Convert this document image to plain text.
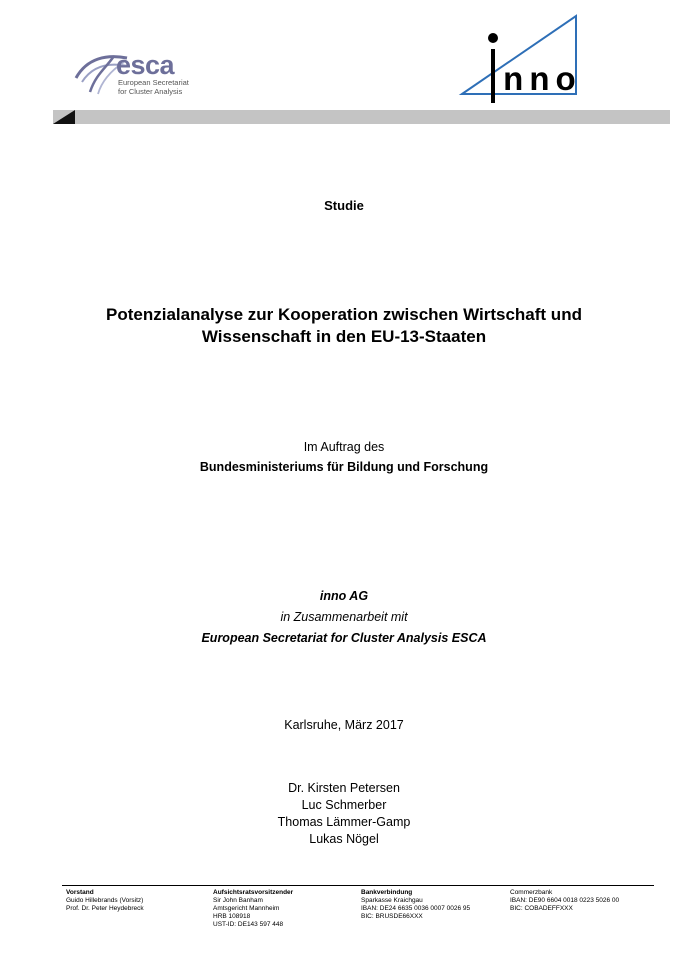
esca
European Secretariat
for Cluster Analysis	nno
Studie
Potenzialanalyse zur Kooperation zwischen Wirtschaft und
Wissenschaft in den EU-13-Staaten
Im Auftrag des
Bundesministeriums für Bildung und Forschung
inno AG
in Zusammenarbeit mit
European Secretariat for Cluster Analysis ESCA
Karlsruhe, März 2017
Dr. Kirsten Petersen
Luc Schmerber
Thomas Lämmer-Gamp
Lukas Nögel
Vorstand
Guido Hillebrands (Vorsitz)
Prof. Dr. Peter Heydebreck
Aufsichtsratsvorsitzender
Sir John Banham
Amtsgericht Mannheim
HRB 108918
UST-ID: DE143 597 448
Bankverbindung
Sparkasse Kraichgau
IBAN: DE24 6635 0036 0007 0026 95
BIC: BRUSDE66XXX
Commerzbank
IBAN: DE90 6604 0018 0223 5026 00
BIC: COBADEFFXXX
